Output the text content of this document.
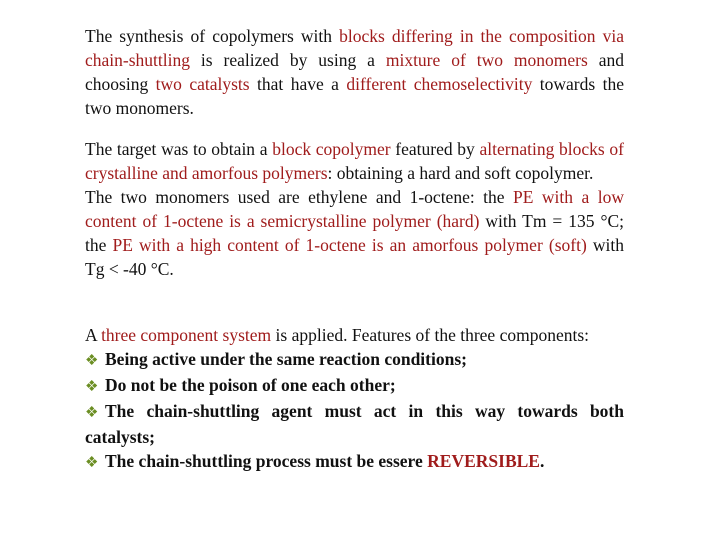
The synthesis of copolymers with blocks differing in the composition via chain-shuttling is realized by using a mixture of two monomers and choosing two catalysts that have a different chemoselectivity towards the two monomers.

The target was to obtain a block copolymer featured by alternating blocks of crystalline and amorfous polymers: obtaining a hard and soft copolymer.
The two monomers used are ethylene and 1-octene: the PE with a low content of 1-octene is a semicrystalline polymer (hard) with Tm = 135 °C; the PE with a high content of 1-octene is an amorfous polymer (soft) with Tg < -40 °C.

A three component system is applied. Features of the three components:
❖ Being active under the same reaction conditions;
❖ Do not be the poison of one each other;
❖ The chain-shuttling agent must act in this way towards both catalysts;
❖ The chain-shuttling process must be essere REVERSIBLE.
